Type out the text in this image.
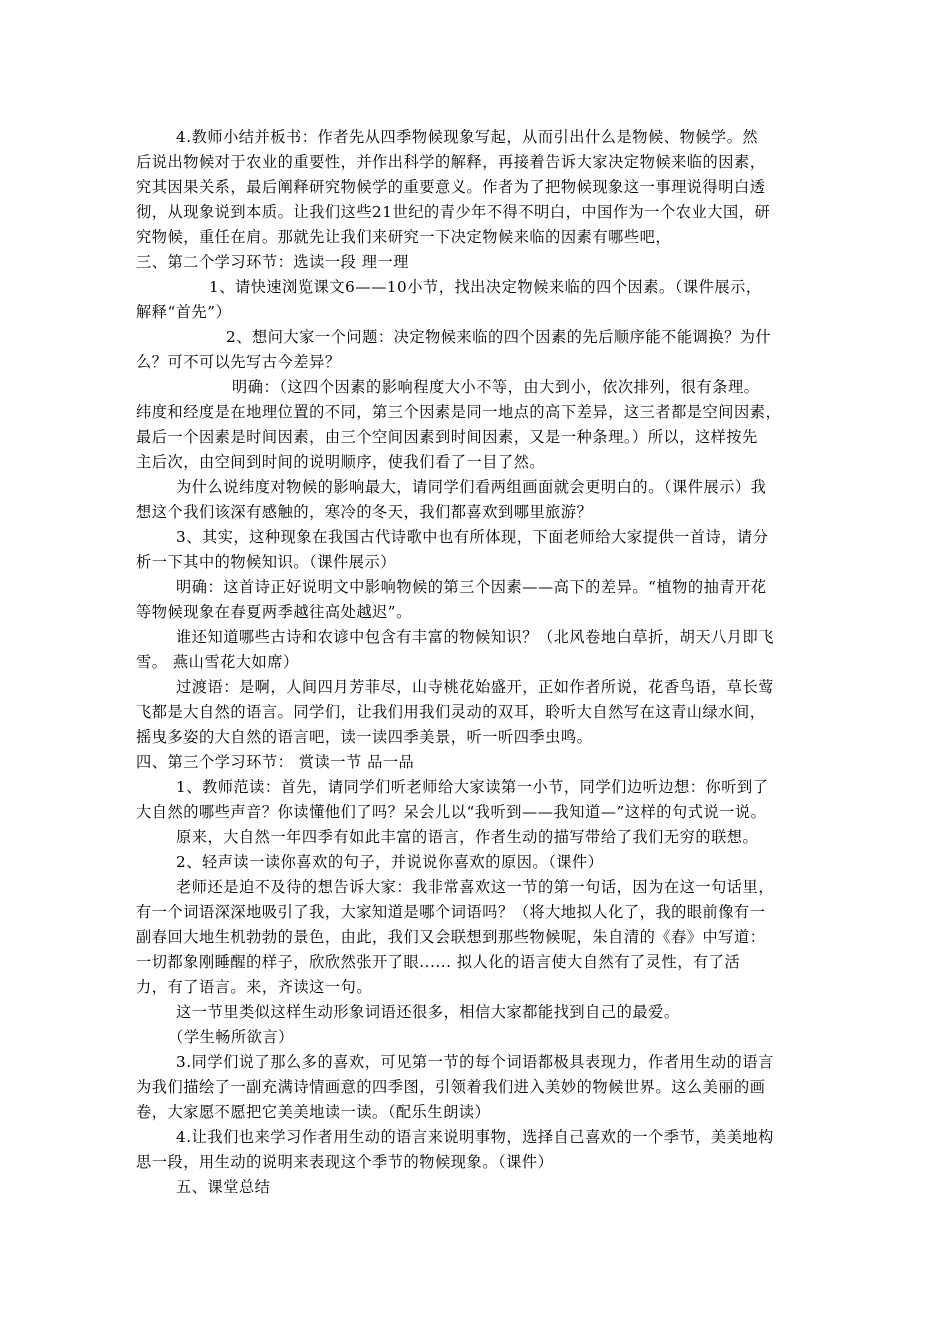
4.教师小结并板书：作者先从四季物候现象写起，从而引出什么是物候、物候学。然
后说出物候对于农业的重要性，并作出科学的解释，再接着告诉大家决定物候来临的因素，
究其因果关系，最后阐释研究物候学的重要意义。作者为了把物候现象这一事理说得明白透
彻，从现象说到本质。让我们这些21世纪的青少年不得不明白，中国作为一个农业大国，研
究物候，重任在肩。那就先让我们来研究一下决定物候来临的因素有哪些吧，
三、第二个学习环节：选读一段 理一理
1、请快速浏览课文6——10小节，找出决定物候来临的四个因素。（课件展示，
解释“首先”）
2、想问大家一个问题：决定物候来临的四个因素的先后顺序能不能调换？为什
么？可不可以先写古今差异？
明确：（这四个因素的影响程度大小不等，由大到小，依次排列，很有条理。
纬度和经度是在地理位置的不同，第三个因素是同一地点的高下差异，这三者都是空间因素，
最后一个因素是时间因素，由三个空间因素到时间因素，又是一种条理。）所以，这样按先
主后次，由空间到时间的说明顺序，使我们看了一目了然。
为什么说纬度对物候的影响最大，请同学们看两组画面就会更明白的。（课件展示）我
想这个我们该深有感触的，寒冷的冬天，我们都喜欢到哪里旅游？
3、其实，这种现象在我国古代诗歌中也有所体现，下面老师给大家提供一首诗，请分
析一下其中的物候知识。（课件展示）
明确：这首诗正好说明文中影响物候的第三个因素——高下的差异。“植物的抽青开花
等物候现象在春夏两季越往高处越迟”。
谁还知道哪些古诗和农谚中包含有丰富的物候知识？（北风卷地白草折，胡天八月即飞
雪。 燕山雪花大如席）
过渡语：是啊，人间四月芳菲尽，山寺桃花始盛开，正如作者所说，花香鸟语，草长莺
飞都是大自然的语言。同学们，让我们用我们灵动的双耳，聆听大自然写在这青山绿水间，
摇曳多姿的大自然的语言吧，读一读四季美景，听一听四季虫鸣。
四、第三个学习环节： 赏读一节 品一品
1、教师范读：首先，请同学们听老师给大家读第一小节，同学们边听边想：你听到了
大自然的哪些声音？你读懂他们了吗？呆会儿以“我听到——我知道—”这样的句式说一说。
原来，大自然一年四季有如此丰富的语言，作者生动的描写带给了我们无穷的联想。
2、轻声读一读你喜欢的句子，并说说你喜欢的原因。（课件）
老师还是迫不及待的想告诉大家：我非常喜欢这一节的第一句话，因为在这一句话里，
有一个词语深深地吸引了我，大家知道是哪个词语吗？（将大地拟人化了，我的眼前像有一
副春回大地生机勃勃的景色，由此，我们又会联想到那些物候呢，朱自清的《春》中写道：
一切都象刚睡醒的样子，欣欣然张开了眼...... 拟人化的语言使大自然有了灵性，有了活
力，有了语言。来，齐读这一句。
这一节里类似这样生动形象词语还很多，相信大家都能找到自己的最爱。
（学生畅所欲言）
3.同学们说了那么多的喜欢，可见第一节的每个词语都极具表现力，作者用生动的语言
为我们描绘了一副充满诗情画意的四季图，引领着我们进入美妙的物候世界。这么美丽的画
卷，大家愿不愿把它美美地读一读。（配乐生朗读）
4.让我们也来学习作者用生动的语言来说明事物，选择自己喜欢的一个季节，美美地构
思一段，用生动的说明来表现这个季节的物候现象。（课件）
五、课堂总结
